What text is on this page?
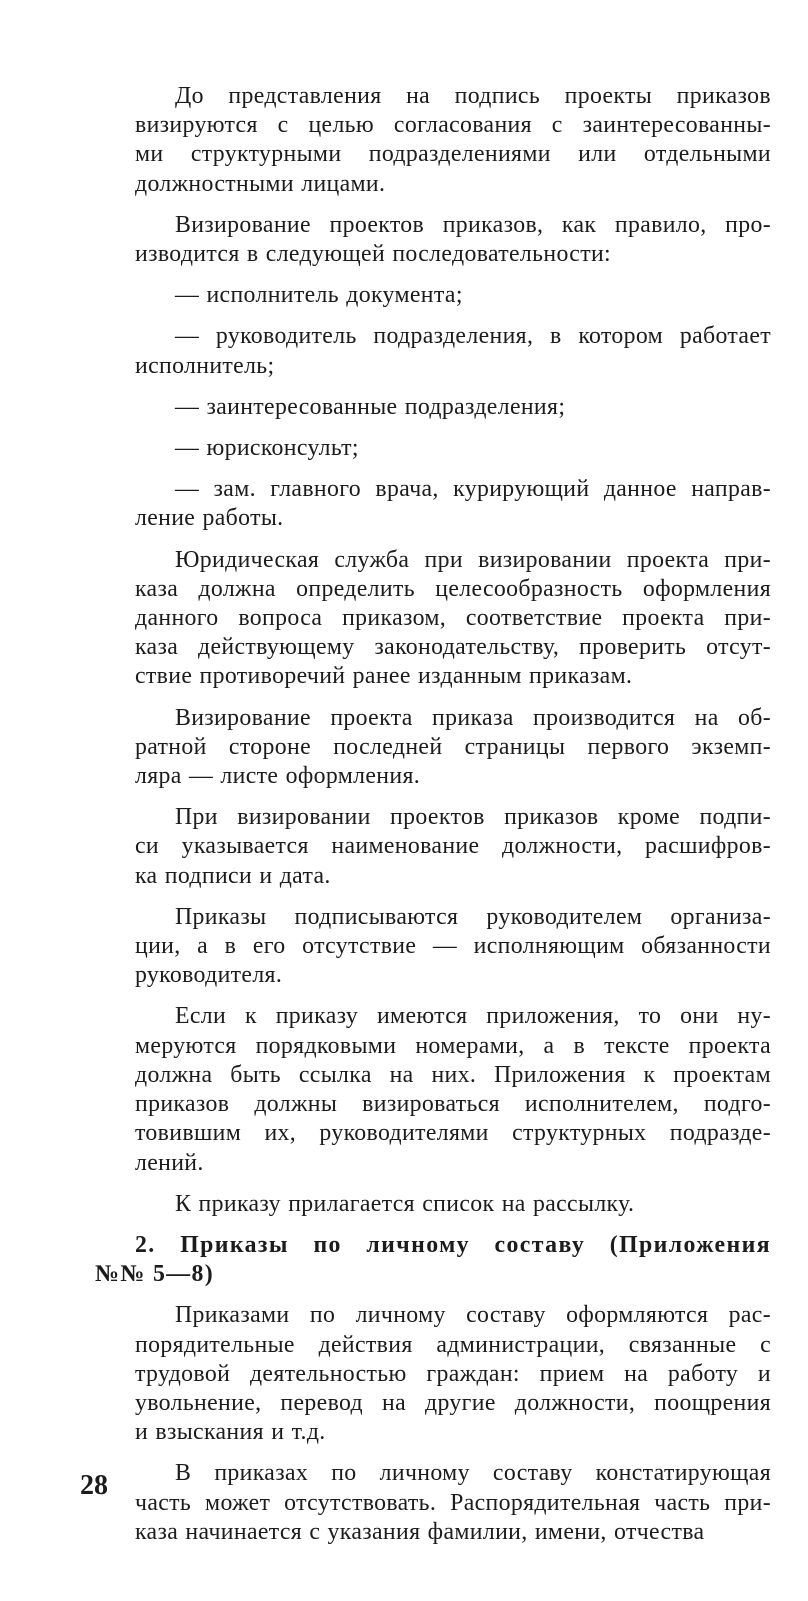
До представления на подпись проекты приказов
визируются с целью согласования с заинтересованны-
ми структурными подразделениями или отдельными
должностными лицами.
Визирование проектов приказов, как правило, про-
изводится в следующей последовательности:
— исполнитель документа;
— руководитель подразделения, в котором работает
исполнитель;
— заинтересованные подразделения;
— юрисконсульт;
— зам. главного врача, курирующий данное направ-
ление работы.
Юридическая служба при визировании проекта при-
каза должна определить целесообразность оформления
данного вопроса приказом, соответствие проекта при-
каза действующему законодательству, проверить отсут-
ствие противоречий ранее изданным приказам.
Визирование проекта приказа производится на об-
ратной стороне последней страницы первого экземп-
ляра — листе оформления.
При визировании проектов приказов кроме подпи-
си указывается наименование должности, расшифров-
ка подписи и дата.
Приказы подписываются руководителем организа-
ции, а в его отсутствие — исполняющим обязанности
руководителя.
Если к приказу имеются приложения, то они ну-
меруются порядковыми номерами, а в тексте проекта
должна быть ссылка на них. Приложения к проектам
приказов должны визироваться исполнителем, подго-
товившим их, руководителями структурных подразде-
лений.
К приказу прилагается список на рассылку.
2. Приказы по личному составу (Приложения
№№ 5—8)
Приказами по личному составу оформляются рас-
порядительные действия администрации, связанные с
трудовой деятельностью граждан: прием на работу и
увольнение, перевод на другие должности, поощрения
и взыскания и т.д.
В приказах по личному составу констатирующая
часть может отсутствовать. Распорядительная часть при-
каза начинается с указания фамилии, имени, отчества
28
